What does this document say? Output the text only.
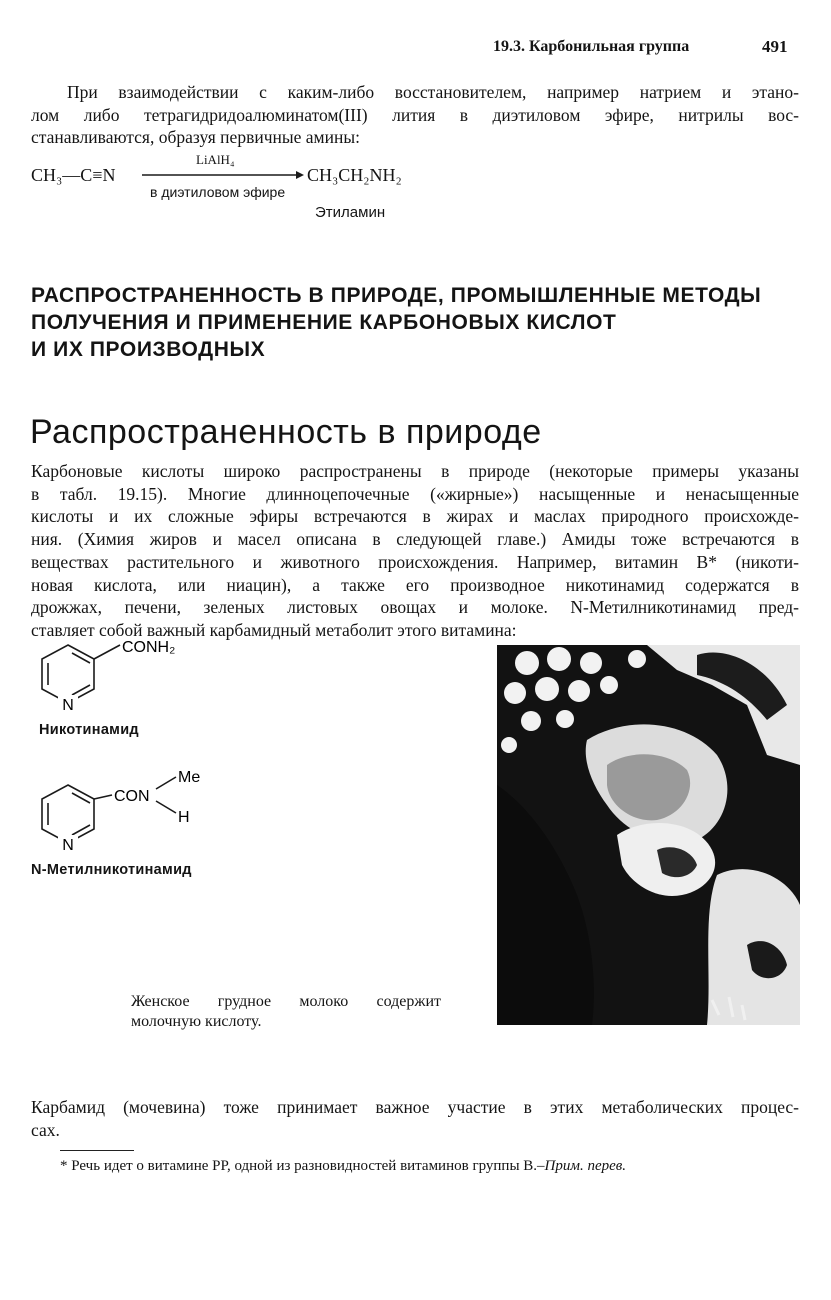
19.3. Карбонильная группа	491
При взаимодействии с каким-либо восстановителем, например натрием и этано-
лом либо тетрагидридоалюминатом(III) лития в диэтиловом эфире, нитрилы вос-
станавливаются, образуя первичные амины:
CH₃—C≡N
LiAlH₄
в диэтиловом эфире
CH₃CH₂NH₂
Этиламин
РАСПРОСТРАНЕННОСТЬ В ПРИРОДЕ, ПРОМЫШЛЕННЫЕ МЕТОДЫ
ПОЛУЧЕНИЯ И ПРИМЕНЕНИЕ КАРБОНОВЫХ КИСЛОТ
И ИХ ПРОИЗВОДНЫХ
Распространенность в природе
Карбоновые кислоты широко распространены в природе (некоторые примеры указаны
в табл. 19.15). Многие длинноцепочечные («жирные») насыщенные и ненасыщенные
кислоты и их сложные эфиры встречаются в жирах и маслах природного происхожде-
ния. (Химия жиров и масел описана в следующей главе.) Амиды тоже встречаются в
веществах растительного и животного происхождения. Например, витамин В* (никоти-
новая кислота, или ниацин), а также его производное никотинамид содержатся в
дрожжах, печени, зеленых листовых овощах и молоке. N-Метилникотинамид пред-
ставляет собой важный карбамидный метаболит этого витамина:
N
CONH₂
Никотинамид
N
CON
Me
H
N-Метилникотинамид
Женское грудное молоко содержит
молочную кислоту.
Карбамид (мочевина) тоже принимает важное участие в этих метаболических процес-
сах.
* Речь идет о витамине РР, одной из разновидностей витаминов группы В.–Прим. перев.
